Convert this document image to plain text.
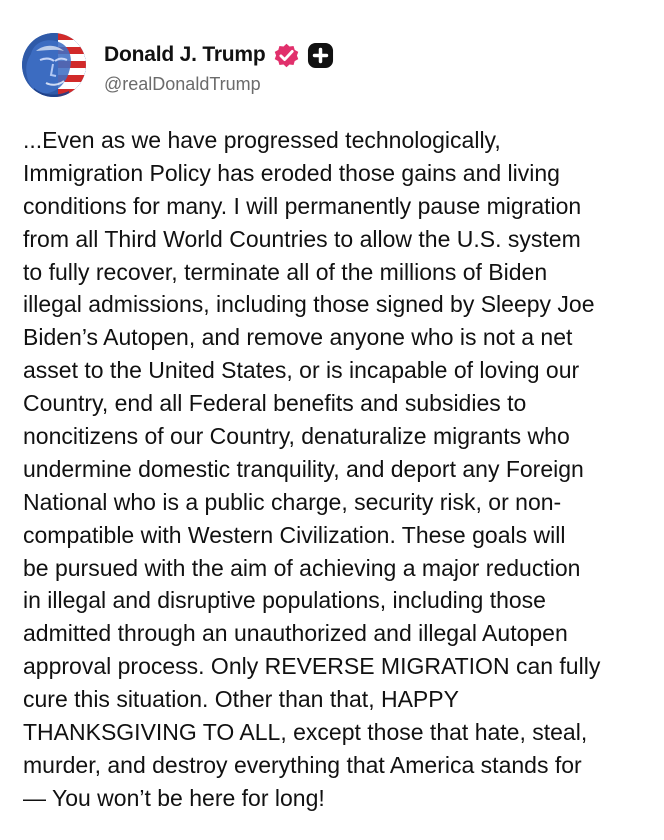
Donald J. Trump
@realDonaldTrump
...Even as we have progressed technologically,
Immigration Policy has eroded those gains and living
conditions for many. I will permanently pause migration
from all Third World Countries to allow the U.S. system
to fully recover, terminate all of the millions of Biden
illegal admissions, including those signed by Sleepy Joe
Biden’s Autopen, and remove anyone who is not a net
asset to the United States, or is incapable of loving our
Country, end all Federal benefits and subsidies to
noncitizens of our Country, denaturalize migrants who
undermine domestic tranquility, and deport any Foreign
National who is a public charge, security risk, or non-
compatible with Western Civilization. These goals will
be pursued with the aim of achieving a major reduction
in illegal and disruptive populations, including those
admitted through an unauthorized and illegal Autopen
approval process. Only REVERSE MIGRATION can fully
cure this situation. Other than that, HAPPY
THANKSGIVING TO ALL, except those that hate, steal,
murder, and destroy everything that America stands for
— You won’t be here for long!
